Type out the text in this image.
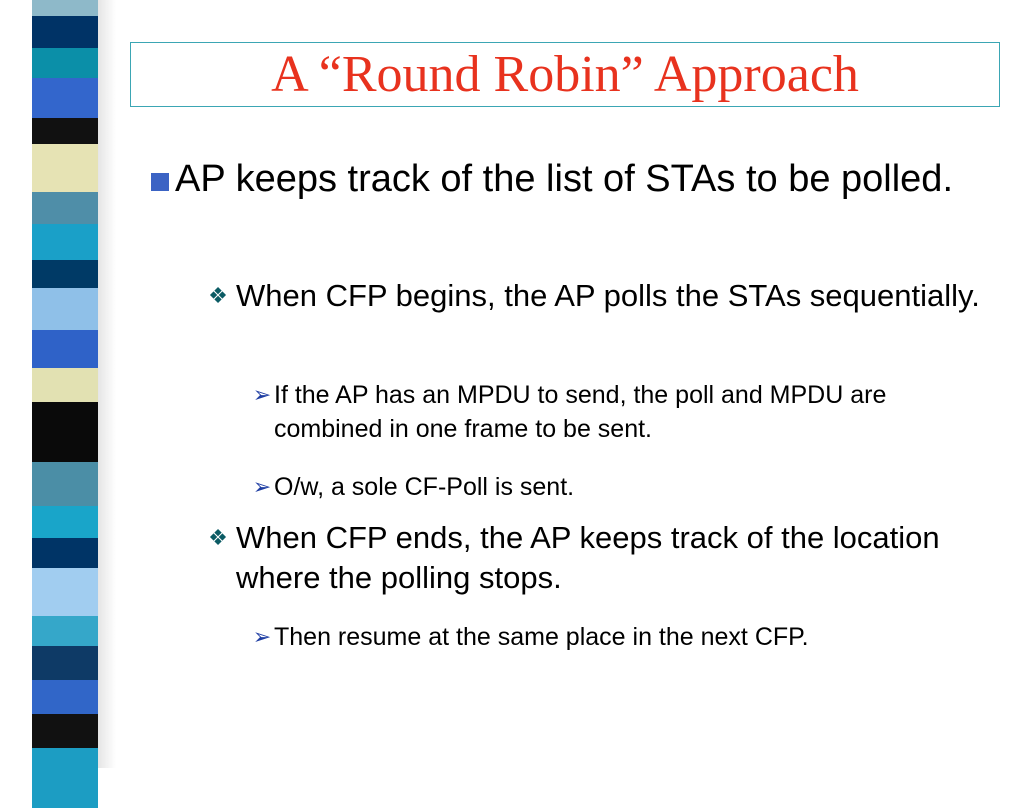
A “Round Robin” Approach
AP keeps track of the list of STAs to be polled.
❖ When CFP begins, the AP polls the STAs sequentially.
➢ If the AP has an MPDU to send, the poll and MPDU are combined in one frame to be sent.
➢ O/w, a sole CF-Poll is sent.
❖ When CFP ends, the AP keeps track of the location where the polling stops.
➢ Then resume at the same place in the next CFP.
